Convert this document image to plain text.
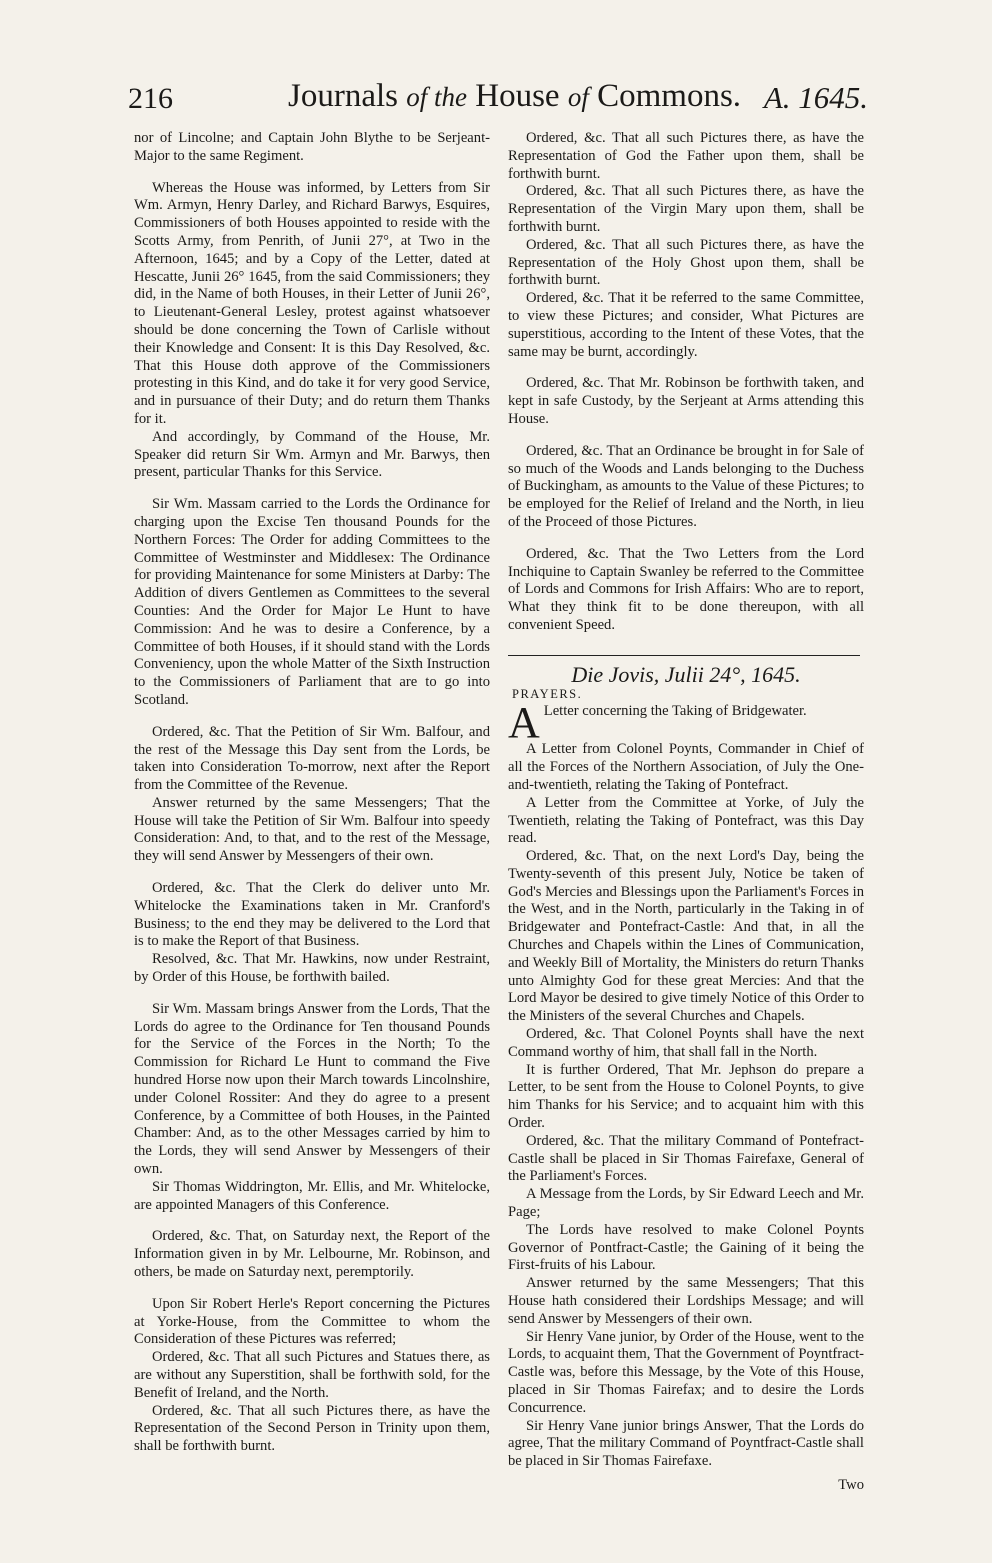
216	Journals of the House of Commons. A. 1645.

nor of Lincolne; and Captain John Blythe to be Serjeant-Major to the same Regiment.

Whereas the House was informed, by Letters from Sir Wm. Armyn, Henry Darley, and Richard Barwys, Esquires, Commissioners of both Houses appointed to reside with the Scotts Army, from Penrith, of Junii 27°, at Two in the Afternoon, 1645; and by a Copy of the Letter, dated at Hescatte, Junii 26° 1645, from the said Commissioners; they did, in the Name of both Houses, in their Letter of Junii 26°, to Lieutenant-General Lesley, protest against whatsoever should be done concerning the Town of Carlisle without their Knowledge and Consent: It is this Day Resolved, &c. That this House doth approve of the Commissioners protesting in this Kind, and do take it for very good Service, and in pursuance of their Duty; and do return them Thanks for it.

And accordingly, by Command of the House, Mr. Speaker did return Sir Wm. Armyn and Mr. Barwys, then present, particular Thanks for this Service.

Sir Wm. Massam carried to the Lords the Ordinance for charging upon the Excise Ten thousand Pounds for the Northern Forces: The Order for adding Committees to the Committee of Westminster and Middlesex: The Ordinance for providing Maintenance for some Ministers at Darby: The Addition of divers Gentlemen as Committees to the several Counties: And the Order for Major Le Hunt to have Commission: And he was to desire a Conference, by a Committee of both Houses, if it should stand with the Lords Conveniency, upon the whole Matter of the Sixth Instruction to the Commissioners of Parliament that are to go into Scotland.

Ordered, &c. That the Petition of Sir Wm. Balfour, and the rest of the Message this Day sent from the Lords, be taken into Consideration To-morrow, next after the Report from the Committee of the Revenue.

Answer returned by the same Messengers; That the House will take the Petition of Sir Wm. Balfour into speedy Consideration: And, to that, and to the rest of the Message, they will send Answer by Messengers of their own.

Ordered, &c. That the Clerk do deliver unto Mr. Whitelocke the Examinations taken in Mr. Cranford's Business; to the end they may be delivered to the Lord that is to make the Report of that Business.

Resolved, &c. That Mr. Hawkins, now under Restraint, by Order of this House, be forthwith bailed.

Sir Wm. Massam brings Answer from the Lords, That the Lords do agree to the Ordinance for Ten thousand Pounds for the Service of the Forces in the North; To the Commission for Richard Le Hunt to command the Five hundred Horse now upon their March towards Lincolnshire, under Colonel Rossiter: And they do agree to a present Conference, by a Committee of both Houses, in the Painted Chamber: And, as to the other Messages carried by him to the Lords, they will send Answer by Messengers of their own.

Sir Thomas Widdrington, Mr. Ellis, and Mr. Whitelocke, are appointed Managers of this Conference.

Ordered, &c. That, on Saturday next, the Report of the Information given in by Mr. Lelbourne, Mr. Robinson, and others, be made on Saturday next, peremptorily.

Upon Sir Robert Herle's Report concerning the Pictures at Yorke-House, from the Committee to whom the Consideration of these Pictures was referred;

Ordered, &c. That all such Pictures and Statues there, as are without any Superstition, shall be forthwith sold, for the Benefit of Ireland, and the North.

Ordered, &c. That all such Pictures there, as have the Representation of the Second Person in Trinity upon them, shall be forthwith burnt.

Ordered, &c. That all such Pictures there, as have the Representation of God the Father upon them, shall be forthwith burnt.

Ordered, &c. That all such Pictures there, as have the Representation of the Virgin Mary upon them, shall be forthwith burnt.

Ordered, &c. That all such Pictures there, as have the Representation of the Holy Ghost upon them, shall be forthwith burnt.

Ordered, &c. That it be referred to the same Committee, to view these Pictures; and consider, What Pictures are superstitious, according to the Intent of these Votes, that the same may be burnt, accordingly.

Ordered, &c. That Mr. Robinson be forthwith taken, and kept in safe Custody, by the Serjeant at Arms attending this House.

Ordered, &c. That an Ordinance be brought in for Sale of so much of the Woods and Lands belonging to the Duchess of Buckingham, as amounts to the Value of these Pictures; to be employed for the Relief of Ireland and the North, in lieu of the Proceed of those Pictures.

Ordered, &c. That the Two Letters from the Lord Inchiquine to Captain Swanley be referred to the Committee of Lords and Commons for Irish Affairs: Who are to report, What they think fit to be done thereupon, with all convenient Speed.

Die Jovis, Julii 24°, 1645.

PRAYERS.

A Letter concerning the Taking of Bridgewater.

A Letter from Colonel Poynts, Commander in Chief of all the Forces of the Northern Association, of July the One-and-twentieth, relating the Taking of Pontefract.

A Letter from the Committee at Yorke, of July the Twentieth, relating the Taking of Pontefract, was this Day read.

Ordered, &c. That, on the next Lord's Day, being the Twenty-seventh of this present July, Notice be taken of God's Mercies and Blessings upon the Parliament's Forces in the West, and in the North, particularly in the Taking in of Bridgewater and Pontefract-Castle: And that, in all the Churches and Chapels within the Lines of Communication, and Weekly Bill of Mortality, the Ministers do return Thanks unto Almighty God for these great Mercies: And that the Lord Mayor be desired to give timely Notice of this Order to the Ministers of the several Churches and Chapels.

Ordered, &c. That Colonel Poynts shall have the next Command worthy of him, that shall fall in the North.

It is further Ordered, That Mr. Jephson do prepare a Letter, to be sent from the House to Colonel Poynts, to give him Thanks for his Service; and to acquaint him with this Order.

Ordered, &c. That the military Command of Pontefract-Castle shall be placed in Sir Thomas Fairefaxe, General of the Parliament's Forces.

A Message from the Lords, by Sir Edward Leech and Mr. Page;

The Lords have resolved to make Colonel Poynts Governor of Pontfract-Castle; the Gaining of it being the First-fruits of his Labour.

Answer returned by the same Messengers; That this House hath considered their Lordships Message; and will send Answer by Messengers of their own.

Sir Henry Vane junior, by Order of the House, went to the Lords, to acquaint them, That the Government of Poyntfract-Castle was, before this Message, by the Vote of this House, placed in Sir Thomas Fairefax; and to desire the Lords Concurrence.

Sir Henry Vane junior brings Answer, That the Lords do agree, That the military Command of Poyntfract-Castle shall be placed in Sir Thomas Fairefaxe.

Two
